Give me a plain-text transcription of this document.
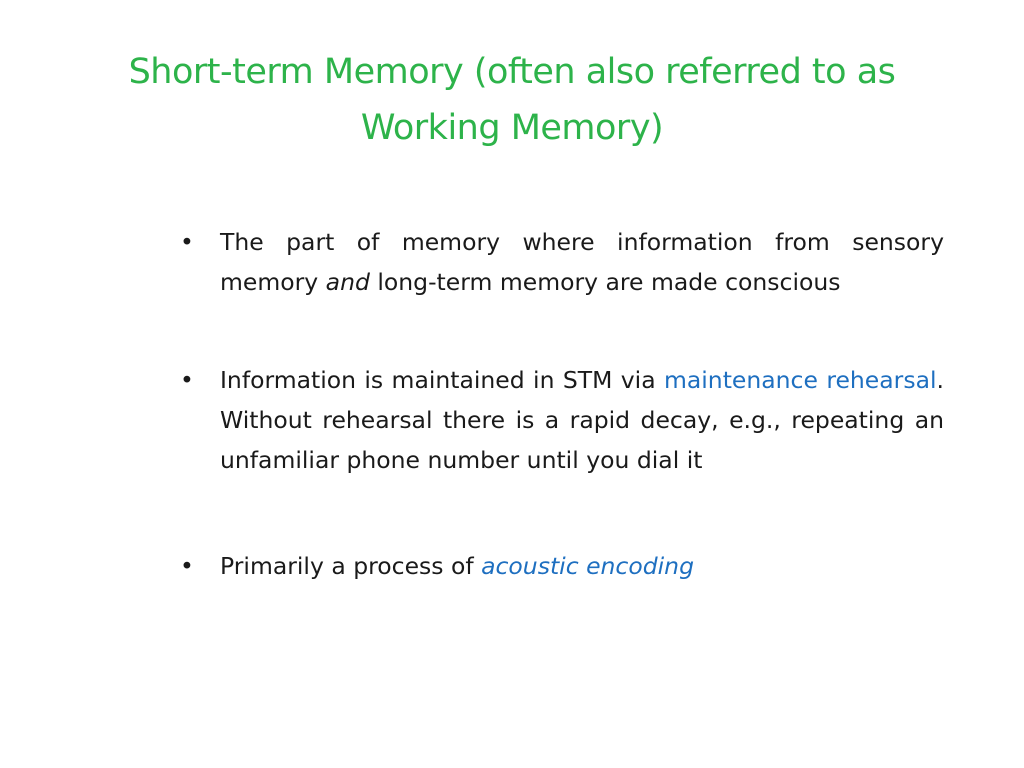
Short-term Memory (often also referred to as Working Memory)
• The part of memory where information from sensory memory and long-term memory are made conscious
• Information is maintained in STM via maintenance rehearsal. Without rehearsal there is a rapid decay, e.g., repeating an unfamiliar phone number until you dial it
• Primarily a process of acoustic encoding
